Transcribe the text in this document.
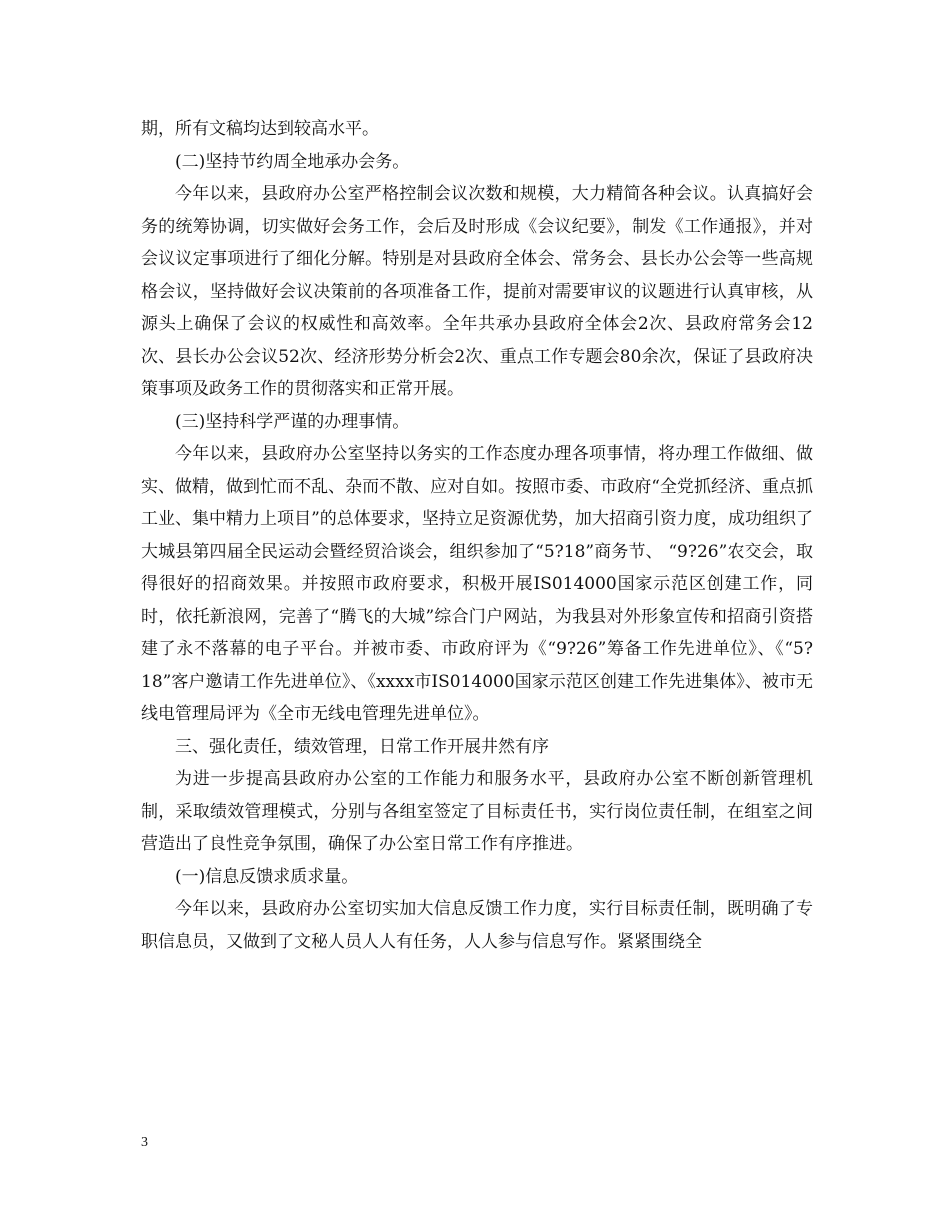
期，所有文稿均达到较高水平。

(二)坚持节约周全地承办会务。

今年以来，县政府办公室严格控制会议次数和规模，大力精简各种会议。认真搞好会务的统筹协调，切实做好会务工作，会后及时形成《会议纪要》，制发《工作通报》，并对会议议定事项进行了细化分解。特别是对县政府全体会、常务会、县长办公会等一些高规格会议，坚持做好会议决策前的各项准备工作，提前对需要审议的议题进行认真审核，从源头上确保了会议的权威性和高效率。全年共承办县政府全体会2次、县政府常务会12次、县长办公会议52次、经济形势分析会2次、重点工作专题会80余次，保证了县政府决策事项及政务工作的贯彻落实和正常开展。

(三)坚持科学严谨的办理事情。

今年以来，县政府办公室坚持以务实的工作态度办理各项事情，将办理工作做细、做实、做精，做到忙而不乱、杂而不散、应对自如。按照市委、市政府“全党抓经济、重点抓工业、集中精力上项目”的总体要求，坚持立足资源优势，加大招商引资力度，成功组织了大城县第四届全民运动会暨经贸洽谈会，组织参加了“5?18”商务节、 “9?26”农交会，取得很好的招商效果。并按照市政府要求，积极开展IS014000国家示范区创建工作，同时，依托新浪网，完善了“腾飞的大城”综合门户网站，为我县对外形象宣传和招商引资搭建了永不落幕的电子平台。并被市委、市政府评为《“9?26”筹备工作先进单位》、《“5?18”客户邀请工作先进单位》、《xxxx市IS014000国家示范区创建工作先进集体》、被市无线电管理局评为《全市无线电管理先进单位》。

三、强化责任，绩效管理，日常工作开展井然有序

为进一步提高县政府办公室的工作能力和服务水平，县政府办公室不断创新管理机制，采取绩效管理模式，分别与各组室签定了目标责任书，实行岗位责任制，在组室之间营造出了良性竞争氛围，确保了办公室日常工作有序推进。

(一)信息反馈求质求量。

今年以来，县政府办公室切实加大信息反馈工作力度，实行目标责任制，既明确了专职信息员，又做到了文秘人员人人有任务，人人参与信息写作。紧紧围绕全

3
